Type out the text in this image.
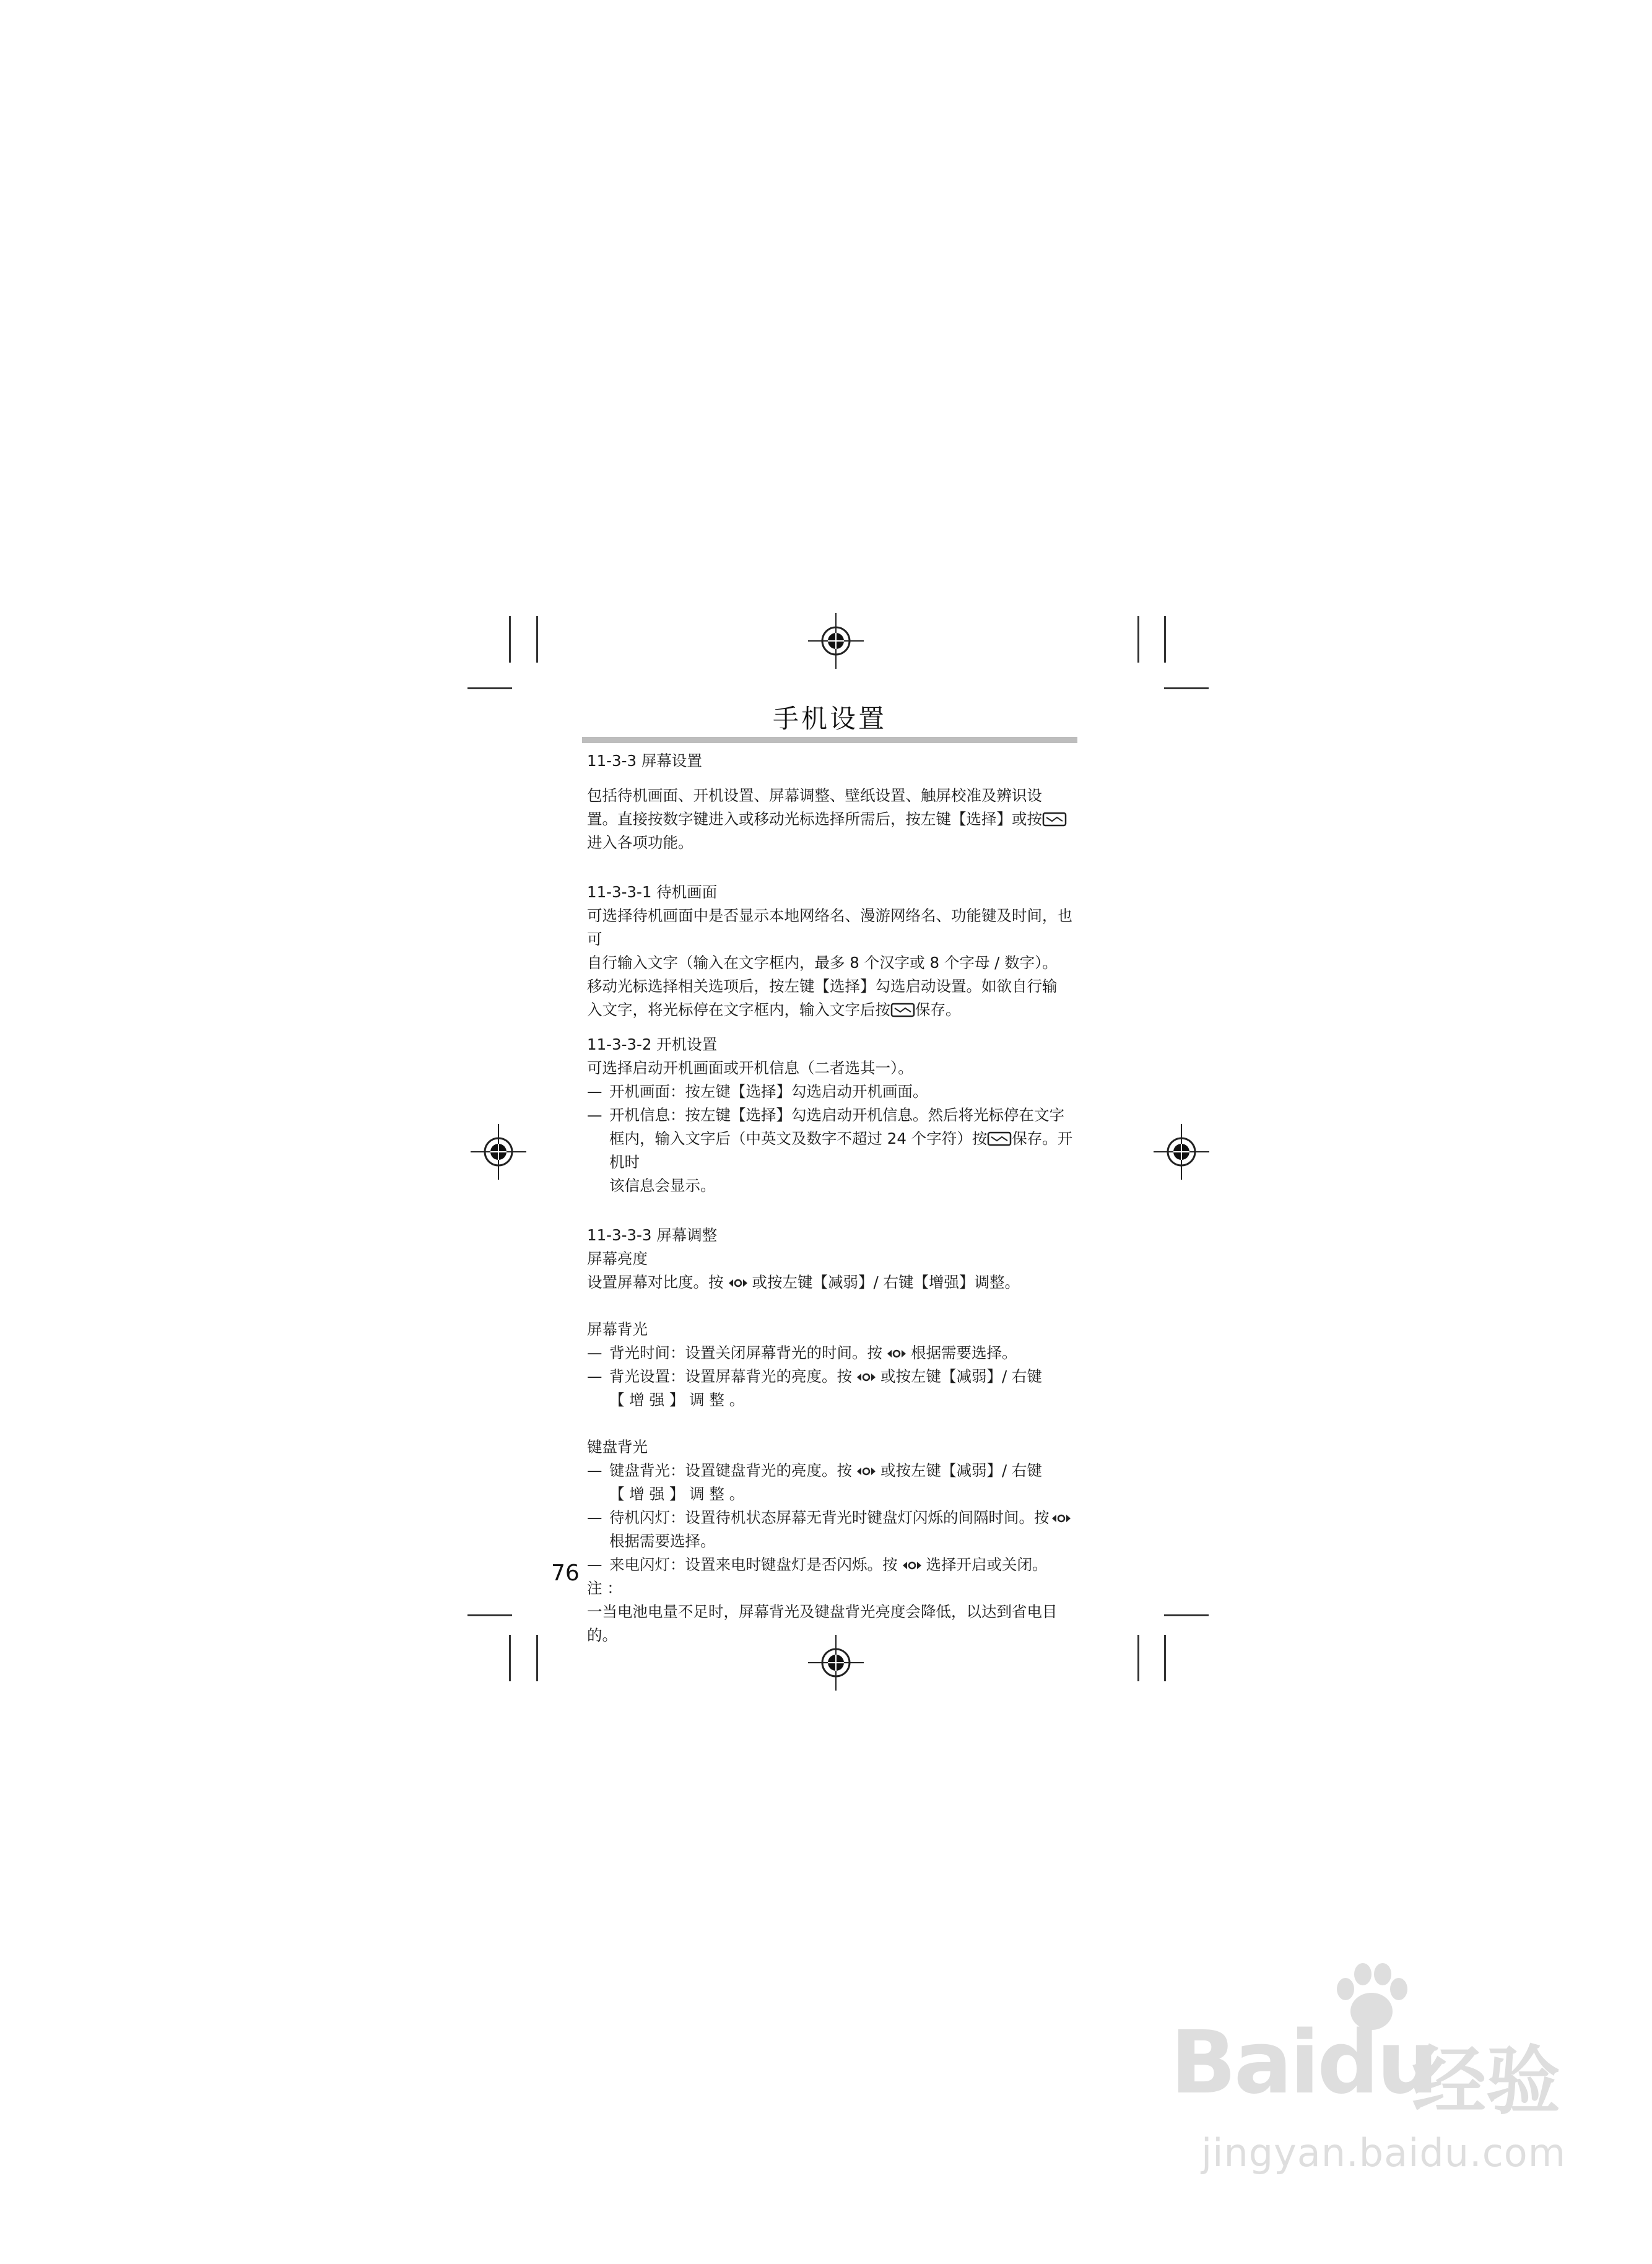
手机设置

11-3-3 屏幕设置

包括待机画面、开机设置、屏幕调整、壁纸设置、触屏校准及辨识设

置。直接按数字键进入或移动光标选择所需后，按左键【选择】或按

进入各项功能。

11-3-3-1 待机画面

可选择待机画面中是否显示本地网络名、漫游网络名、功能键及时间，也可

自行输入文字（输入在文字框内，最多 8 个汉字或 8 个字母 / 数字）。

移动光标选择相关选项后，按左键【选择】勾选启动设置。如欲自行输

入文字，将光标停在文字框内，输入文字后按 保存。

11-3-3-2 开机设置

可选择启动开机画面或开机信息（二者选其一）。

— 开机画面：按左键【选择】勾选启动开机画面。
— 开机信息：按左键【选择】勾选启动开机信息。然后将光标停在文字
框内，输入文字后（中英文及数字不超过 24 个字符）按 保存。开机时
该信息会显示。

11-3-3-3 屏幕调整

屏幕亮度

设置屏幕对比度。按 或按左键【减弱】/ 右键【增强】调整。

屏幕背光

— 背光时间：设置关闭屏幕背光的时间。按 根据需要选择。
— 背光设置：设置屏幕背光的亮度。按 或按左键【减弱】/ 右键
【 增 强 】 调 整 。

键盘背光

— 键盘背光：设置键盘背光的亮度。按 或按左键【减弱】/ 右键
【 增 强 】 调 整 。
— 待机闪灯：设置待机状态屏幕无背光时键盘灯闪烁的间隔时间。按
根据需要选择。
— 来电闪灯：设置来电时键盘灯是否闪烁。按 选择开启或关闭。

注 ：

一当电池电量不足时，屏幕背光及键盘背光亮度会降低，以达到省电目的。

76
Baidu
经验
jingyan.baidu.com
